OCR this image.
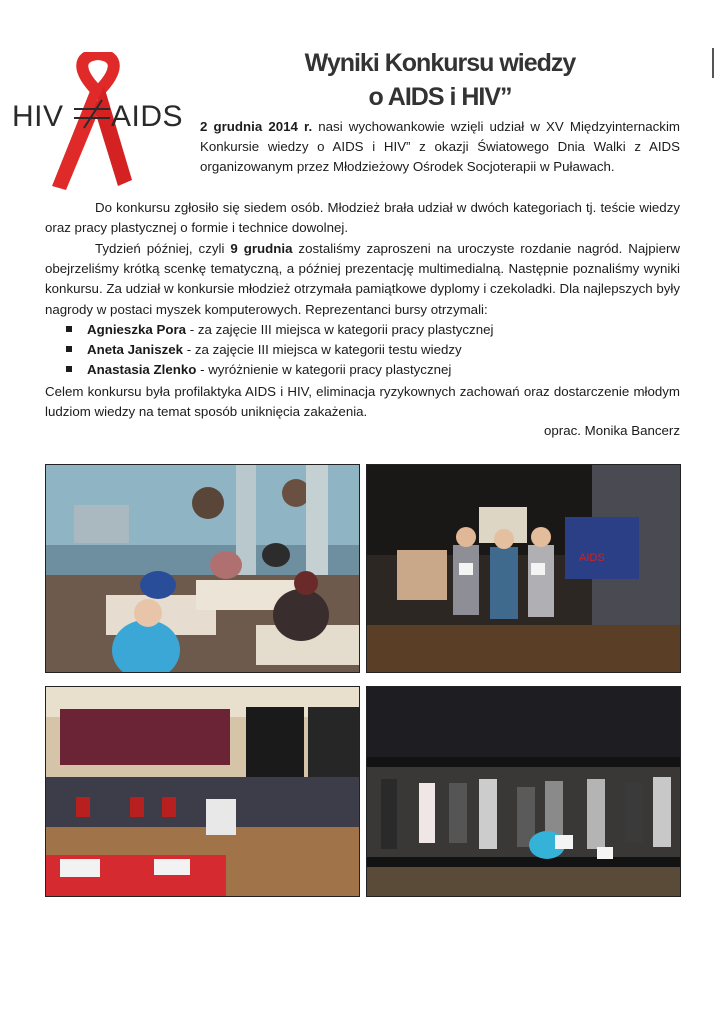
HIV AIDS
Wyniki Konkursu wiedzy
o AIDS i HIV”
2 grudnia 2014 r. nasi wychowankowie wzięli udział w XV Międzyinternackim Konkursie wiedzy o AIDS i HIV” z okazji Światowego Dnia Walki z AIDS organizowanym przez Młodzieżowy Ośrodek Socjoterapii w Puławach.
Do konkursu zgłosiło się siedem osób. Młodzież brała udział w dwóch kategoriach tj. teście wiedzy oraz pracy plastycznej o formie i technice dowolnej.
Tydzień później, czyli 9 grudnia zostaliśmy zaproszeni na uroczyste rozdanie nagród. Najpierw obejrzeliśmy krótką scenkę tematyczną, a później prezentację multimedialną. Następnie poznaliśmy wyniki konkursu. Za udział w konkursie młodzież otrzymała pamiątkowe dyplomy i czekoladki. Dla najlepszych były nagrody w postaci myszek komputerowych. Reprezentanci bursy otrzymali:
Agnieszka Pora - za zajęcie III miejsca w kategorii pracy plastycznej
Aneta Janiszek - za zajęcie III miejsca w kategorii testu wiedzy
Anastasia Zlenko - wyróżnienie w kategorii pracy plastycznej
Celem konkursu była profilaktyka AIDS i HIV, eliminacja ryzykownych zachowań oraz dostarczenie młodym ludziom wiedzy na temat sposób uniknięcia zakażenia.
oprac. Monika Bancerz
AIDS
